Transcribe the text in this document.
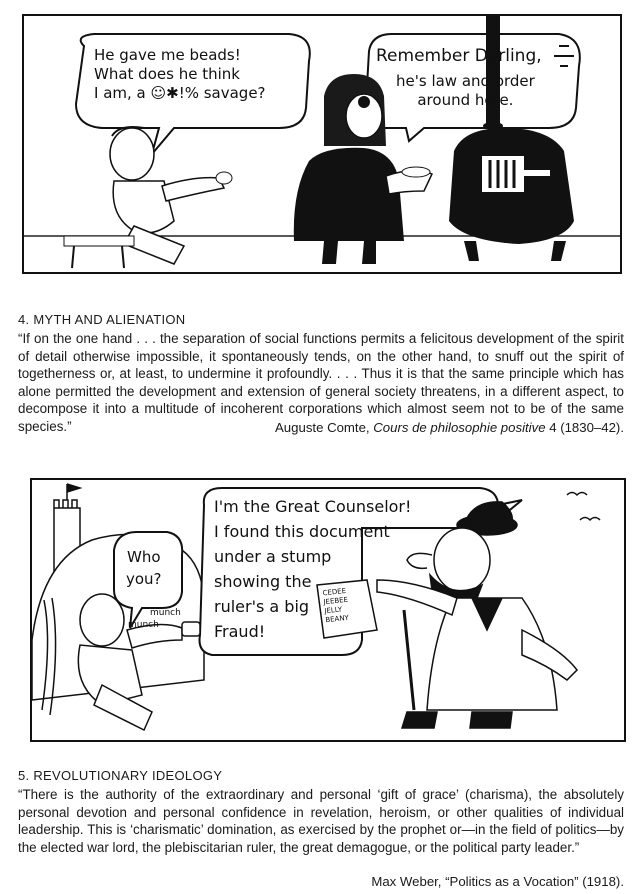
He gave me beads!
What does he think
I am, a ☺✱!% savage?
Remember Darling,
he's law and order
around here.
4. MYTH AND ALIENATION
“If on the one hand . . . the separation of social functions permits a felicitous development of the spirit of detail otherwise impossible, it spontaneously tends, on the other hand, to snuff out the spirit of togetherness or, at least, to undermine it profoundly. . . . Thus it is that the same principle which has alone permitted the development and extension of general society threatens, in a different aspect, to decompose it into a multitude of incoherent corporations which almost seem not to be of the same species.”	Auguste Comte, Cours de philosophie positive 4 (1830–42).
I'm the Great Counselor!
I found this document
under a stump
showing the
ruler's a big
Fraud!
Who
you?
munch
munch
CEDEE
JEEBEE
JELLY
BEANY
5. REVOLUTIONARY IDEOLOGY
“There is the authority of the extraordinary and personal ‘gift of grace’ (charisma), the absolutely personal devotion and personal confidence in revelation, heroism, or other qualities of individual leadership. This is ‘charismatic’ domination, as exercised by the prophet or—in the field of politics—by the elected war lord, the plebiscitarian ruler, the great demagogue, or the political party leader.”
Max Weber, “Politics as a Vocation” (1918).
